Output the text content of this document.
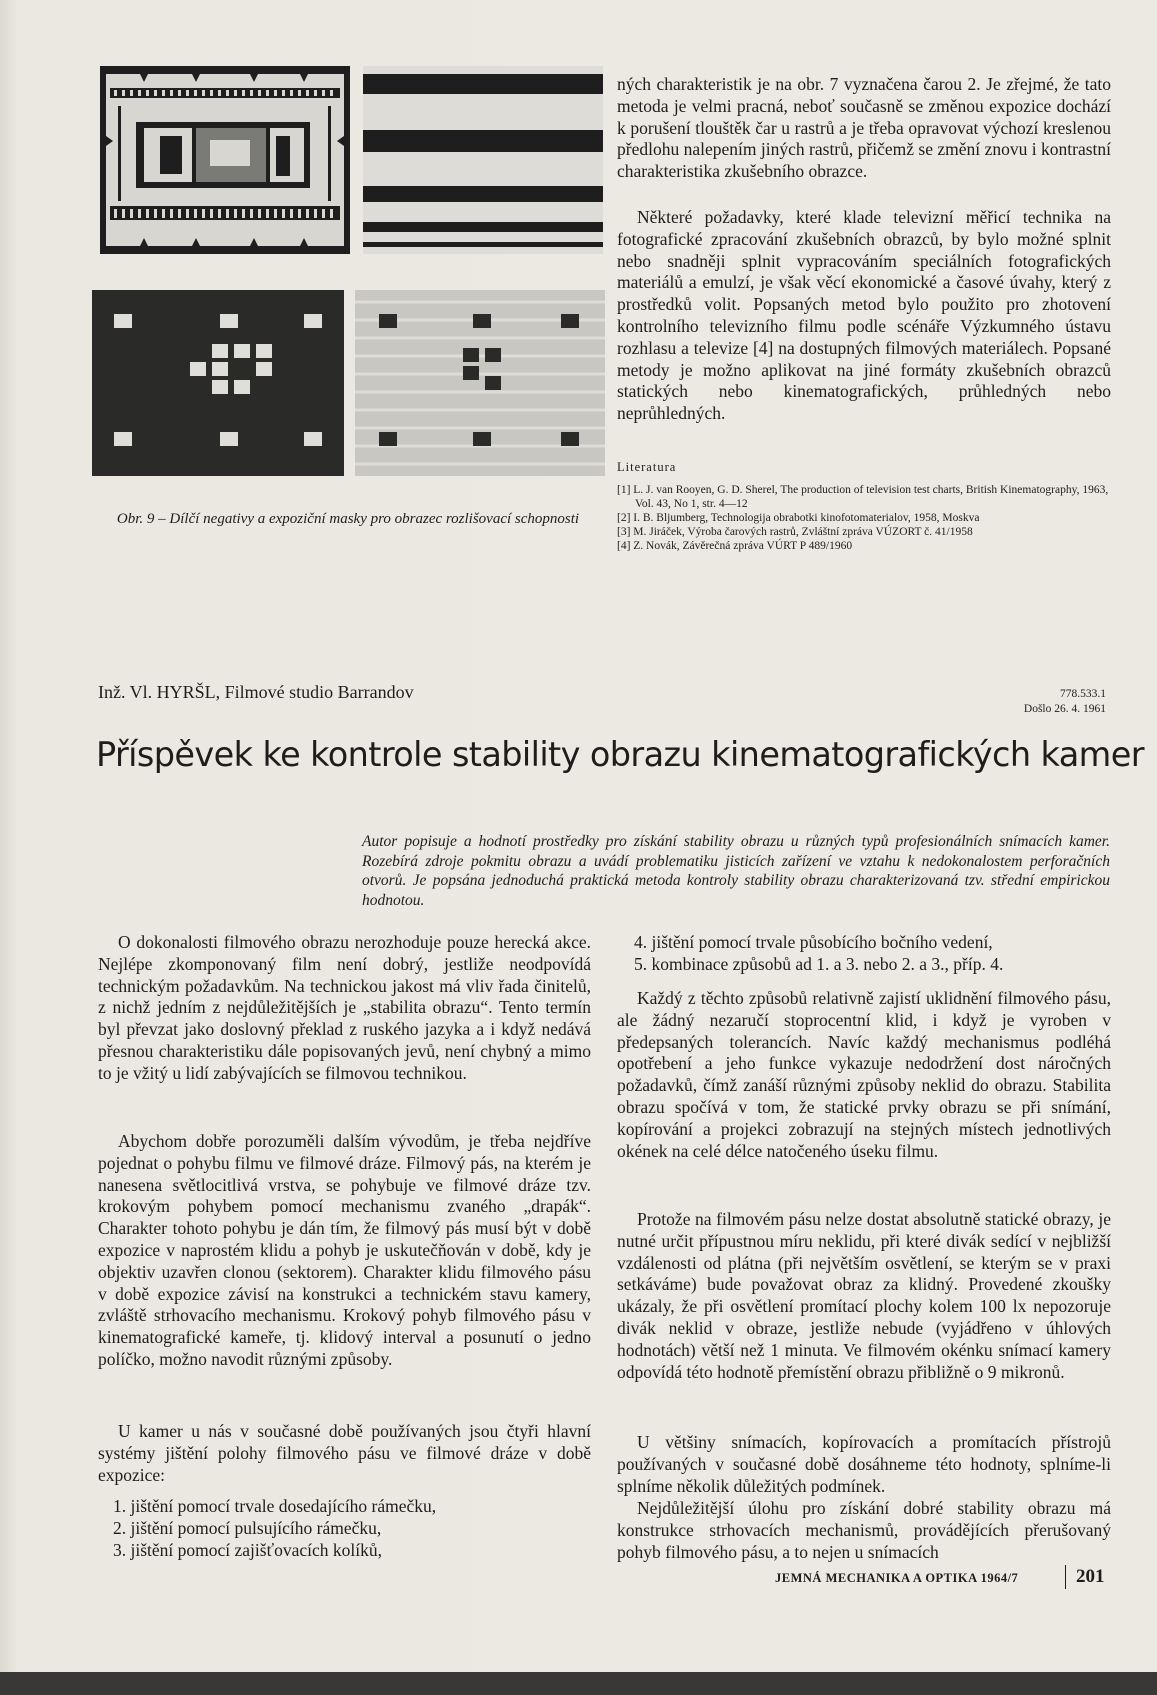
Obr. 9 – Dílčí negativy a expoziční masky pro obrazec rozlišovací schopnosti

ných charakteristik je na obr. 7 vyznačena čarou 2. Je zřejmé, že tato metoda je velmi pracná, neboť současně se změnou expozice dochází k porušení tlouštěk čar u rastrů a je třeba opravovat výchozí kreslenou předlohu nalepením jiných rastrů, přičemž se změní znovu i kontrastní charakteristika zkušebního obrazce.

Některé požadavky, které klade televizní měřicí technika na fotografické zpracování zkušebních obrazců, by bylo možné splnit nebo snadněji splnit vypracováním speciálních fotografických materiálů a emulzí, je však věcí ekonomické a časové úvahy, který z prostředků volit. Popsaných metod bylo použito pro zhotovení kontrolního televizního filmu podle scénáře Výzkumného ústavu rozhlasu a televize [4] na dostupných filmových materiálech. Popsané metody je možno aplikovat na jiné formáty zkušebních obrazců statických nebo kinematografických, průhledných nebo neprůhledných.

Literatura

[1] L. J. van Rooyen, G. D. Sherel, The production of television test charts, British Kinematography, 1963, Vol. 43, No 1, str. 4—12
[2] I. B. Bljumberg, Technologija obrabotki kinofotomaterialov, 1958, Moskva
[3] M. Jiráček, Výroba čarových rastrů, Zvláštní zpráva VÚZORT č. 41/1958
[4] Z. Novák, Závěrečná zpráva VÚRT P 489/1960

Inž. Vl. HYRŠL, Filmové studio Barrandov	778.533.1

Došlo 26. 4. 1961

Příspěvek ke kontrole stability obrazu kinematografických kamer

Autor popisuje a hodnotí prostředky pro získání stability obrazu u různých typů profesionálních snímacích kamer. Rozebírá zdroje pokmitu obrazu a uvádí problematiku jisticích zařízení ve vztahu k nedokonalostem perforačních otvorů. Je popsána jednoduchá praktická metoda kontroly stability obrazu charakterizovaná tzv. střední empirickou hodnotou.

O dokonalosti filmového obrazu nerozhoduje pouze herecká akce. Nejlépe zkomponovaný film není dobrý, jestliže neodpovídá technickým požadavkům. Na technickou jakost má vliv řada činitelů, z nichž jedním z nejdůležitějších je „stabilita obrazu“. Tento termín byl převzat jako doslovný překlad z ruského jazyka a i když nedává přesnou charakteristiku dále popisovaných jevů, není chybný a mimo to je vžitý u lidí zabývajících se filmovou technikou.

Abychom dobře porozuměli dalším vývodům, je třeba nejdříve pojednat o pohybu filmu ve filmové dráze. Filmový pás, na kterém je nanesena světlocitlivá vrstva, se pohybuje ve filmové dráze tzv. krokovým pohybem pomocí mechanismu zvaného „drapák“. Charakter tohoto pohybu je dán tím, že filmový pás musí být v době expozice v naprostém klidu a pohyb je uskutečňován v době, kdy je objektiv uzavřen clonou (sektorem). Charakter klidu filmového pásu v době expozice závisí na konstrukci a technickém stavu kamery, zvláště strhovacího mechanismu. Krokový pohyb filmového pásu v kinematografické kameře, tj. klidový interval a posunutí o jedno políčko, možno navodit různými způsoby.

U kamer u nás v současné době používaných jsou čtyři hlavní systémy jištění polohy filmového pásu ve filmové dráze v době expozice:

1. jištění pomocí trvale dosedajícího rámečku,
2. jištění pomocí pulsujícího rámečku,
3. jištění pomocí zajišťovacích kolíků,
4. jištění pomocí trvale působícího bočního vedení,
5. kombinace způsobů ad 1. a 3. nebo 2. a 3., příp. 4.

Každý z těchto způsobů relativně zajistí uklidnění filmového pásu, ale žádný nezaručí stoprocentní klid, i když je vyroben v předepsaných tolerancích. Navíc každý mechanismus podléhá opotřebení a jeho funkce vykazuje nedodržení dost náročných požadavků, čímž zanáší různými způsoby neklid do obrazu. Stabilita obrazu spočívá v tom, že statické prvky obrazu se při snímání, kopírování a projekci zobrazují na stejných místech jednotlivých okének na celé délce natočeného úseku filmu.

Protože na filmovém pásu nelze dostat absolutně statické obrazy, je nutné určit přípustnou míru neklidu, při které divák sedící v nejbližší vzdálenosti od plátna (při největším osvětlení, se kterým se v praxi setkáváme) bude považovat obraz za klidný. Provedené zkoušky ukázaly, že při osvětlení promítací plochy kolem 100 lx nepozoruje divák neklid v obraze, jestliže nebude (vyjádřeno v úhlových hodnotách) větší než 1 minuta. Ve filmovém okénku snímací kamery odpovídá této hodnotě přemístění obrazu přibližně o 9 mikronů.

U většiny snímacích, kopírovacích a promítacích přístrojů používaných v současné době dosáhneme této hodnoty, splníme-li splníme několik důležitých podmínek.

Nejdůležitější úlohu pro získání dobré stability obrazu má konstrukce strhovacích mechanismů, provádějících přerušovaný pohyb filmového pásu, a to nejen u snímacích

JEMNÁ MECHANIKA A OPTIKA 1964/7	201
